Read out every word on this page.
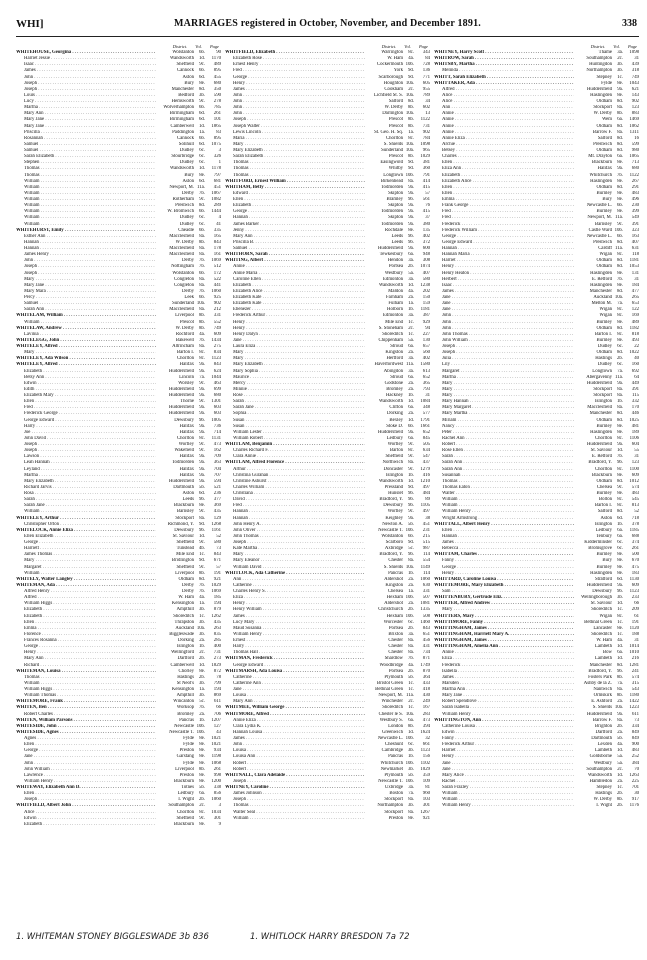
WHI]	MARRIAGES registered in October, November, and December 1891.	338
District. Vol. Page
WHITEHOUSE, Georgina . . .	Wolstanton	6b.	90
Harriet Jessie . . .	Wandsworth	1d.	1170
Isaac . . .	Sheffield	9c.	489
James . . .	Cannock	6b.	895
John . . .	Aston	6d.	455
Joseph . . .	Bury	8e.	680
Joseph . . .	Manchester	8d.	350
Louis . . .	Bedford	3b.	590
Lucy . . .	Hemsworth	9c.	278
Martha . . .	Wolverhampton	6b.	785
Mary Ann . . .	Birmingham	6d.	261
Mary Jane . . .	Birmingham	6d.	101
Mary Jane . . .	Camberwell	1d.	1865
Priscilla . . .	Paddington	1a.	83
Rosannah . . .	Cannock	6b.	895
Samuel . . .	Solihull	6d.	1075
Samuel . . .	Dudley	6c.	3
Sarah Elizabeth . . .	Stourbridge	6c.	326
Stephen . . .	Dudley	6c.	1
Thomas . . .	Wandsworth	1d.	1178
Thomas . . .	Bury	8e.	797
William . . .	Aston	6d.	681
William . . .	Newport, M. 11a.	451
William . . .	Derby	7b.	1067
William . . .	Rotherham	9c.	1082
William . . .	Prestwich	8d.	289
William . . .	W. Bromwich	6b.	1444
William . . .	Dudley	6c.	4
William . . .	Dudley	6c.	41
WHITEHURST, Emily . . .	Cheadle	6b.	335
Esther Ann . . .	Macclesfield	8a.	165
Hannah . . .	W. Derby	8b.	843
Hannah . . .	Macclesfield	8a.	178
James Henry . . .	Macclesfield	8a.	161
John . . .	Derby	7b.	1069
Joseph . . .	Nottingham	7b.	512
Joseph . . .	Wolstanton	6b.	172
Mary . . .	Congleton	8a.	522
Mary Jane . . .	Congleton	8a.	441
Mary Mara . . .	Derby	7b.	1060
Percy . . .	Leek	6b.	925
Samuel . . .	Sunderland 10a.	902
Sarah Ann . . .	Macclesfield	8a.	212
WHITELAM, William . . .	Liverpool	8b.	331
William . . .	Prescot	8b.	552
WHITELAW, Andrew . . .	W. Derby	8b.	749
Lavinia . . .	Rochford	4a.	609
WHITELEGG, John . . .	Bakewell	7b.	1434
WHITELEY, Alfred . . .	Altrincham	8a.	275
Mary . . .	Barton I.	8c.	834
WHITELEY, Ada Wilson . . .	Chorlton	8c.	1123
WHITELEY, Alfred . . .	Halifax	9a.	843
Elizabeth . . .	Huddersfield	9a.	624
Betsy Ann . . .	Lincoln	7a.	1044
Edwin . . .	Worsley	9c.	463
Edith . . .	Huddersfield	9a.	699
Elizabeth Mary . . .	Huddersfield	9a.	680
Ellen . . .	Thorne	9c.	1301
Fred . . .	Huddersfield	9a.	603
Frederick George . . .	Huddersfield	9a.	603
George Edward . . .	Dewsbury	9b.	1005
Harry . . .	Halifax	9a.	736
Joe . . .	Halifax	9a.	714
John David . . .	Chorlton	8c.	1131
Joseph . . .	Wortley	9c.	473
Joseph . . .	Wakefield	9c.	162
Lawson . . .	Halifax	9a.	709
Leah Hannah . . .	Todmorden	9a.	363
Leyland . . .	Halifax	9a.	704
Martha . . .	Halifax	9a.	707
Mary Elizabeth . . .	Huddersfield	9a.	594
Richard Jarvis . . .	Dartmouth	5b.	521
Rosa . . .	Aston	6d.	236
Sarah . . .	Leeds	9b.	377
Sarah Jane . . .	Blackburn	8e.	369
William . . .	Barnsley	9c.	435
WHITELEY, Arthur . . .	Stockport	8a.	129
Christopher Orton . . .	Richmond, Y.	9d.	1268
WHITELOCK, Annie Eliza . . .	Dewsbury	9b.	1161
Ellen Elizabeth . . .	St. Saviour	1d.	52
George . . .	Sheffield	9c.	580
Harriett . . .	Tunstead	4b.	73
James Thomas . . .	Mile End	1c.	843
Mary . . .	Bridlington	9d.	671
Margaret . . .	Sheffield	9c.	57
William . . .	Liverpool	8b.	191
WHITELY, Walter Langley . . .	Oldham	8d.	921
WHITEMAN, Ada . . .	Derby	7b.	1029
Alfred Henry . . .	Derby	7b.	1069
Alfred . . .	W. Ham	4a.	185
William Higgs . . .	Kensington	1a.	194
Elizabeth . . .	Ampthill	3b.	879
Elizabeth . . .	Shoreditch	1c.	1262
Ellen . . .	Thrapston	3b.	435
Emma . . .	Auckland 10a.	263
Florence . . .	Biggleswade	3b.	835
Frances Rosanna . . .	Dorking	2a.	285
George . . .	Islington	1b.	400
Henry . . .	Wellingford	2c.	731
Mary Ann . . .	Dartford	2b.	273
Richard . . .	Camberwell	1d.	1829
WHITEMAN, Louisa . . .	Chorley	8e.	872
Thomas . . .	Hastings	2b.	78
William . . .	St Neot's	3b.	799
William Higgs . . .	Kensington	1a.	194
William Thomas . . .	Ampthill	3b.	869
WHITEMORE, Frank . . .	Wincanton	5c.	611
WHITEN, Ben . . .	Worksop	7b.	66
Robert Charles . . .	Bromley	2a.	706
WHITEN, William Parsons . . .	Pancras	1b.	1207
WHITESIDE, John . . .	Newcastle 10b.	127
WHITESIDE, Agnes . . .	Newcastle T. 10b.	43
Agnes . . .	Fylde	8e.	1021
Ellen . . .	Fylde	8e.	1021
George . . .	Preston	8e.	934
Jane . . .	Garstang	8e.	1198
John . . .	Fylde	8e.	1068
John William . . .	Liverpool	8b.	261
Lawrence . . .	Preston	8e.	998
William Henry . . .	Blackburn	8e.	1200
WHITEWAY, Elizabeth Ann D. . . .	Totnes	5b.	338
Ellen . . .	Ledbury	6a.	856
Joseph . . .	I. Wight	2b.	1060
WHITFIELD, Albert John . . .	Southampton	2c.	3
Alice . . .	Chorlton	8c.	1034
Edwin . . .	Sheffield	9c.	301
Elizabeth . . .	Blackburn	8e.	9
District. Vol. Page
WHITFIELD, Elizabeth . . .	Warrington	8c.	343
Elizabeth Rose . . .	W. Ham	4a.	84
Ernest Henry . . .	Cockermouth 10b.	728
Fred . . .	York	9d.	136
George . . .	Scarborough	9d.	771
Henry . . .	Houghton 10a.	605
James . . .	Cookham	2c.	955
John . . .	Lichfield St. S. 10a.	789
John . . .	Salford	8d.	34
John . . .	W. Derby	8b.	602
John . . .	Darlington 10a.	13
Joseph . . .	Prescot	8b.	1122
Joseph Walter . . .	Prescot	8b.	731
Lewis Lincoln . . .	St. Geo. H. Sq.	1a.	902
Maria . . .	Chorlton	8c.	784
Mary . . .	S. Shields 10a.	1098
Mary Elizabeth . . .	Sunderland 10a.	965
Sarah Elizabeth . . .	Prescot	8b.	1029
Thomas . . .	Easingwold	9d.	381
Thomas . . .	Whitby	9d.	360
Thomas . . .	Longtown 10b.	791
WHITFORD, Ernest William . . .	Birkenhead	8a.	414
WHITHAM, Betty . . .	Todmorden	9a.	415
Edward . . .	Skipton	9a.	57
Ellen . . .	Bramley	9b.	561
Elizabeth . . .	Skipton	9a.	76
George . . .	Todmorden	9a.	415
Hannah . . .	Skipton	9a.	37
James Barker . . .	Todmorden	9a.	380
Jenny . . .	Rochdale	8e.	135
Mary Ann . . .	Leeds	9b.	402
Priscilla B. . . .	Leeds	9b.	372
Samuel . . .	Huddersfield	9a.	600
WHITHORN, Sarah . . .	Tewkesbury	6a.	948
WHITING, Albert . . .	Hendon	3a.	308
Annie . . .	Portsea	2b.	1074
Annie Maria . . .	Westbury	5a.	407
Caroline Ellen . . .	Edmonton	3a.	580
Elizabeth . . .	Wandsworth	1d.	1238
Elizabeth Alice . . .	Maldon	4a.	202
Elizabeth Kate . . .	Farnham	2a.	150
Elizabeth Kate . . .	Fulham	1a.	159
Ebenezer . . .	Holborn	1b.	1181
Frederick Arthur . . .	Edmonton	3a.	387
Henry . . .	Mile End	1c.	929
Henry . . .	S. Stoneham	2c.	94
Henry Dalyn . . .	Shoreditch	1c.	227
Jane . . .	Chippenham	5a.	130
Laura Eliza . . .	Stroud	6a.	657
Mary . . .	Kingston	2a.	560
Mary . . .	Hertford	3a.	402
Mary Elizabeth . . .	Haverfordwest 11a.	1580
Mary Sophia . . .	Abingdon	3a.	613
Maurice . . .	Stroud	6a.	652
Mercy . . .	Godstone	2a.	365
Minnie . . .	Bromley	2a.	793
Rose . . .	Hackney	1b.	31
Sarah . . .	Wandsworth	1d.	1084
Sarah Jane . . .	Clifton	6a.	348
Sophia . . .	Dorking	2a.	577
Susan . . .	Bexley	1d.	1791
Susan . . .	Stoke D.	6b.	1661
William Lester . . .	Huddersfield	9a.	652
William Robert . . .	Ledbury	6a.	845
WHITLAM, Benjamin . . .	Wortley	9c.	505
Charles Richard F. . . .	Barton	8c.	634
Clara Annie . . .	Sheffield	9c.	547
WHITLAM, Alfred Florence . . .	Northwich	8a.	437
Arthur . . .	Doncaster	9c.	1279
Christina Gurahan . . .	Islington	1b.	416
Christine Ashurst . . .	Wandsworth	1d.	1210
Charles William . . .	Pressland	9d.	497
Christiana . . .	Hunslet	9b.	484
David . . .	Bradford, Y.	9b.	89
Fred . . .	Dewsbury	9b.	1105
Hannah . . .	Wortley	9c.	497
Hannah . . .	Keighley	9a.	38
John Henry A. . . .	Newton A.	5b.	451
John Oliver . . .	Newcastle T. 10b.	231
John Thomas . . .	Wolstanton	6b.	215
Joseph . . .	Scarboro	9d.	515
Kate Martha . . .	Axbridge	5c.	987
Mary . . .	Bradford, Y.	9b.	114
Mary Eleanor . . .	Chester	8a.	554
William David . . .	S. Shields 10a.	1149
WHITLOCK, Ada Catherine . . .	Pancras	1b.	114
Ann . . .	Aldershot	2a.	1060
Catherine . . .	Kingston	2a.	630
Charles Henry S. . . .	Chelsea	1a.	331
Eliza . . .	Hexham 10b.	507
Henry . . .	Aldershot	2a.	1081
Henry William . . .	Christchurch	2b.	1335
James . . .	Hexham 10b.	508
Lucy Mary . . .	Worcester	6c.	1460
Maud Susanna . . .	Portsea	2b.	843
William Henry . . .	Brixton	3a.	651
Ernest . . .	Chester	8a.	456
Harry . . .	Chester	8a.	431
Thomas Hall . . .	Chester	8a.	734
WHITMAN, Frederick . . .	Shardlow	7b.	871
George Edward . . .	Woodbridge	4a.	1749
WHITMARSH, Ada Louisa . . .	Portsea	2b.	870
Catherine . . .	Plymouth	5b.	364
Catherine Ann . . .	Bristol Green	1c.	433
Jane . . .	Bethnal Green	1c.	418
Louisa . . .	Newport, M. 11a.	430
Mary Ann . . .	Winchester	2c.	249
WHITMEE, William George . . .	Shoreditch	1c.	167
WHITMORE, Alfred . . .	Chester le S. 10a.	283
Annie Eliza . . .	Westbury S.	6a.	473
Clara Lydia K. . . .	London	8b.	394
Hannah Louisa . . .	Greenwich	1d.	1624
James . . .	Newcastle L. 10b.	32
John . . .	Cheshunt	6c.	661
Louisa . . .	Cambridge	3b.	1123
Louisa Ann . . .	Pancras	1b.	156
Robert . . .	Whitchurch 10b.	1102
Robert . . .	Newmarket	3b.	1029
WHITNALL, Clara Adelaide . . .	Plymouth	5b.	359
Joseph . . .	Newcastle T. 10b.	109
WHITNEY, Caroline . . .	Uxbridge	3a.	81
James Johnson . . .	Boston	7a.	960
Joseph . . .	Stockport	8a.	103
Thomas . . .	Northampton	3b.	301
Walter Seal . . .	Stockport	8a.	1267
William . . .	Preston	8e.	921
District. Vol. Page
WHITNEY, Harry Scott . . .	Thame	3a.	1098
WHITROW, Sarah . . .	Southampton	2c.	31
WHITSBY, Martha . . .	Huntingdon	3b.	439
Melinda . . .	Northampton	3b.	318
WHITT, Sarah Elizabeth . . .	Stepney	1c.	749
WHITTAKER, Ada . . .	Fylde	8e.	1043
Alfred . . .	Huddersfield	9a.	621
Alice . . .	Haslingden	8e.	143
Alice . . .	Oldham	8d.	902
Ann . . .	Stockport	8a.	123
Annie . . .	W. Derby	8b.	883
Annie . . .	Wem	6a.	1469
Annie . . .	Oldham	8d.	1062
Annie . . .	Barrow F.	8a.	1311
Annie Eliza . . .	Salford	8d.	16
Archie . . .	Prestwich	8d.	599
Betsey . . .	Oldham	8d.	980
Charles . . .	Mt. Drayton	6a.	1065
Ellen . . .	Blackburn	8e.	713
Eliza Ann . . .	Halifax	9a.	680
Elizabeth . . .	Whitchurch	7b.	1122
Elizabeth Alice . . .	Haslingden	8e.	267
Ellen . . .	Oldham	8d.	291
Ellen . . .	Burnley	8e.	483
Emma . . .	Bury	8e.	496
Frank George . . .	Newcastle L.	6b.	230
Fred . . .	Burnley	8e.	399
Fred . . .	Newport, M. 11a.	549
Frederick . . .	Barnsley	9c.	391
Frederick William . . .	Castle Ward 10b.	323
George . . .	Newcastle L.	6b.	163
George Edward . . .	Prestwich	8d.	407
Hannah . . .	Cardiff 11a.	631
Hannah Maria . . .	Wigan	8c.	118
Harriet . . .	Oldham	8d.	1181
Henry . . .	Oldham	8d.	1053
Henry Heaton . . .	Haslingden	8e.	131
Herbert . . .	E. Retford	7b.	31
Isaac . . .	Haslingden	8e.	184
James . . .	Manchester	8d.	477
Jane . . .	Auckland 10a.	265
Jane . . .	Melton M.	7a.	653
Jane . . .	Wigan	8c.	122
John . . .	Wigan	8c.	169
John . . .	Burnley	8e.	489
John . . .	Oldham	8d.	1182
John Thomas . . .	Barton I.	8c.	818
John William . . .	Burnley	8e.	493
Joseph . . .	Dudley	6c.	22
Joseph . . .	Oldham	8d.	1022
Julia . . .	Hastings	2b.	40
Lily . . .	Dudley	6c.	160
Margaret . . .	Longtown	7a.	692
Martha . . .	Abergavenny 11a.	64
Mary . . .	Huddersfield	9a.	449
Mary . . .	Stockport	8a.	391
Mary . . .	Stockport	8a.	115
Mary Hannah . . .	Islington	1b.	332
Mary Margaret . . .	Macclesfield	8a.	170
Mary Martha . . .	Manchester	8d.	446
Miriam . . .	Oldham	8d.	1025
Nancy . . .	Burnley	8e.	481
Peter . . .	Haslingden	8e.	189
Rachel Ann . . .	Chorlton	8c.	1106
Robert . . .	Huddersfield	9a.	604
Rose Ellen . . .	St. Saviour	1d.	55
Sarah . . .	E. Retford	7b.	31
Sarah Ann . . .	Bradford, Y.	9b.	123
Sarah Ann . . .	Chorlton	8c.	1100
Susannah . . .	Blackburn	8e.	609
Thomas . . .	Oldham	8d.	1012
Thomas Eaton . . .	Chelsea	9c.	574
Walter . . .	Burnley	8e.	483
William . . .	Bolton	8c.	545
William . . .	Barton I.	8c.	813
William Henry . . .	Salford	8d.	52
Wright Armstrong . . .	Aston	6d.	718
WHITTALL, Albert Henry . . .	Islington	1b.	378
Ellen . . .	Ledbury	6a.	1185
Hannah . . .	Tenbury	6a.	688
James . . .	Kidderminster	6c.	374
Rebecca . . .	Bromsgrove	6c.	261
WHITTAM, Charles . . .	Burnley	8e.	500
Fanny . . .	Bury	8e.	670
George . . .	Burnley	8e.	475
Henry . . .	Haslingden	8e.	183
WHITTARD, Caroline Louisa . . .	Stratford	6d.	1130
WHITTEMORE, Mary Elizabeth . . .	Huddersfield	9a.	609
Sam . . .	Dewsbury	9b.	1123
WHITTENBURY, Gertrude Eliz. . . .	Wellingborough	3b.	233
WHITTER, Alfred Andrew . . .	St. Saviour	1d.	66
Mary . . .	Shoreditch	1c.	209
WHITTERS, Mary . . .	Wigan	8c.	61
WHITTIMORE, Fanny . . .	Bethnal Green	1c.	191
WHITTINGHAM, James . . .	Lancaster	8e.	1120
WHITTINGHAM, Harriett Mary A. . . .	Shoreditch	1c.	188
WHITTINGHAM, James . . .	W. Ham	4a.	31
WHITTINGHAM, Amelia Ann . . .	Lambeth	1d.	1014
Annie . . .	Bow	6a.	1010
Eliza . . .	Lambeth	1d.	216
Frederick . . .	Manchester	8d.	1281
Isabella . . .	Bradford, Y.	9b.	241
James . . .	Fosters Park	8b.	574
Marsden . . .	Ashby de la Z.	7a.	315
Martha Ann . . .	Nantwich	8a.	543
Mary Jane . . .	Ormskirk	8b.	1180
Robert Spendlove . . .	E. Ashford	2a.	1422
Sarah Isabella . . .	S. Shields 10a.	1223
William Henry . . .	Huddersfield	9a.	611
WHITTINGTON, Ann . . .	Barrow F.	8a.	73
Catherine Louisa . . .	Brighton	2b.	334
Edwin . . .	Dartford	2a.	849
Fanny . . .	Dartmouth	5b.	849
Frederick Arthur . . .	Lexden	4a.	900
Harriet . . .	Lambeth	1d.	483
Henry . . .	Goldsborne	5a.	252
Jane . . .	Westbury	5a.	384
Jane . . .	Southampton	2c.	70
Mary Alice . . .	Wandsworth	1d.	1263
Rachel . . .	Hambledon	2a.	225
Sarah Frazley . . .	Stepney	1c.	701
William . . .	Hastings	2b.	30
William . . .	W. Derby	8b.	917
William Henry . . .	I. Wight	2b.	1176
1. WHITEMAN STONEY BIGGLESWADE 3b 836	1. WHITLOCK HARRY BRESDON 7a 72
